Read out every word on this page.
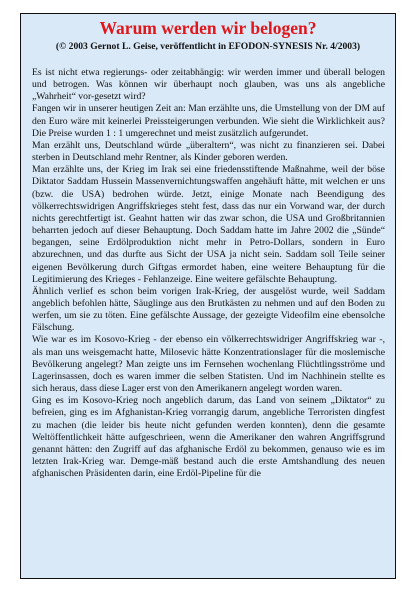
Warum werden wir belogen?
(© 2003 Gernot L. Geise, veröffentlicht in EFODON-SYNESIS Nr. 4/2003)

Es ist nicht etwa regierungs- oder zeitabhängig: wir werden immer und überall belogen und betrogen. Was können wir überhaupt noch glauben, was uns als angebliche „Wahrheit“ vor-gesetzt wird?

Fangen wir in unserer heutigen Zeit an: Man erzählte uns, die Umstellung von der DM auf den Euro wäre mit keinerlei Preissteigerungen verbunden. Wie sieht die Wirklichkeit aus? Die Preise wurden 1 : 1 umgerechnet und meist zusätzlich aufgerundet.

Man erzählt uns, Deutschland würde „überaltern“, was nicht zu finanzieren sei. Dabei sterben in Deutschland mehr Rentner, als Kinder geboren werden.

Man erzählte uns, der Krieg im Irak sei eine friedensstiftende Maßnahme, weil der böse Diktator Saddam Hussein Massenvernichtungswaffen angehäuft hätte, mit welchen er uns (bzw. die USA) bedrohen würde. Jetzt, einige Monate nach Beendigung des völkerrechtswidrigen Angriffskrieges steht fest, dass das nur ein Vorwand war, der durch nichts gerechtfertigt ist. Geahnt hatten wir das zwar schon, die USA und Großbritannien beharrten jedoch auf dieser Behauptung. Doch Saddam hatte im Jahre 2002 die „Sünde“ begangen, seine Erdölproduktion nicht mehr in Petro-Dollars, sondern in Euro abzurechnen, und das durfte aus Sicht der USA ja nicht sein. Saddam soll Teile seiner eigenen Bevölkerung durch Giftgas ermordet haben, eine weitere Behauptung für die Legitimierung des Krieges - Fehlanzeige. Eine weitere gefälschte Behauptung.

Ähnlich verlief es schon beim vorigen Irak-Krieg, der ausgelöst wurde, weil Saddam angeblich befohlen hätte, Säuglinge aus den Brutkästen zu nehmen und auf den Boden zu werfen, um sie zu töten. Eine gefälschte Aussage, der gezeigte Videofilm eine ebensolche Fälschung.

Wie war es im Kosovo-Krieg - der ebenso ein völkerrechtswidriger Angriffskrieg war -, als man uns weisgemacht hatte, Milosevic hätte Konzentrationslager für die moslemische Bevölkerung angelegt? Man zeigte uns im Fernsehen wochenlang Flüchtlingsströme und Lagerinsassen, doch es waren immer die selben Statisten. Und im Nachhinein stellte es sich heraus, dass diese Lager erst von den Amerikanern angelegt worden waren.

Ging es im Kosovo-Krieg noch angeblich darum, das Land von seinem „Diktator“ zu befreien, ging es im Afghanistan-Krieg vorrangig darum, angebliche Terroristen dingfest zu machen (die leider bis heute nicht gefunden werden konnten), denn die gesamte Weltöffentlichkeit hätte aufgeschrieen, wenn die Amerikaner den wahren Angriffsgrund genannt hätten: den Zugriff auf das afghanische Erdöl zu bekommen, genauso wie es im letzten Irak-Krieg war. Demge-mäß bestand auch die erste Amtshandlung des neuen afghanischen Präsidenten darin, eine Erdöl-Pipeline für die
